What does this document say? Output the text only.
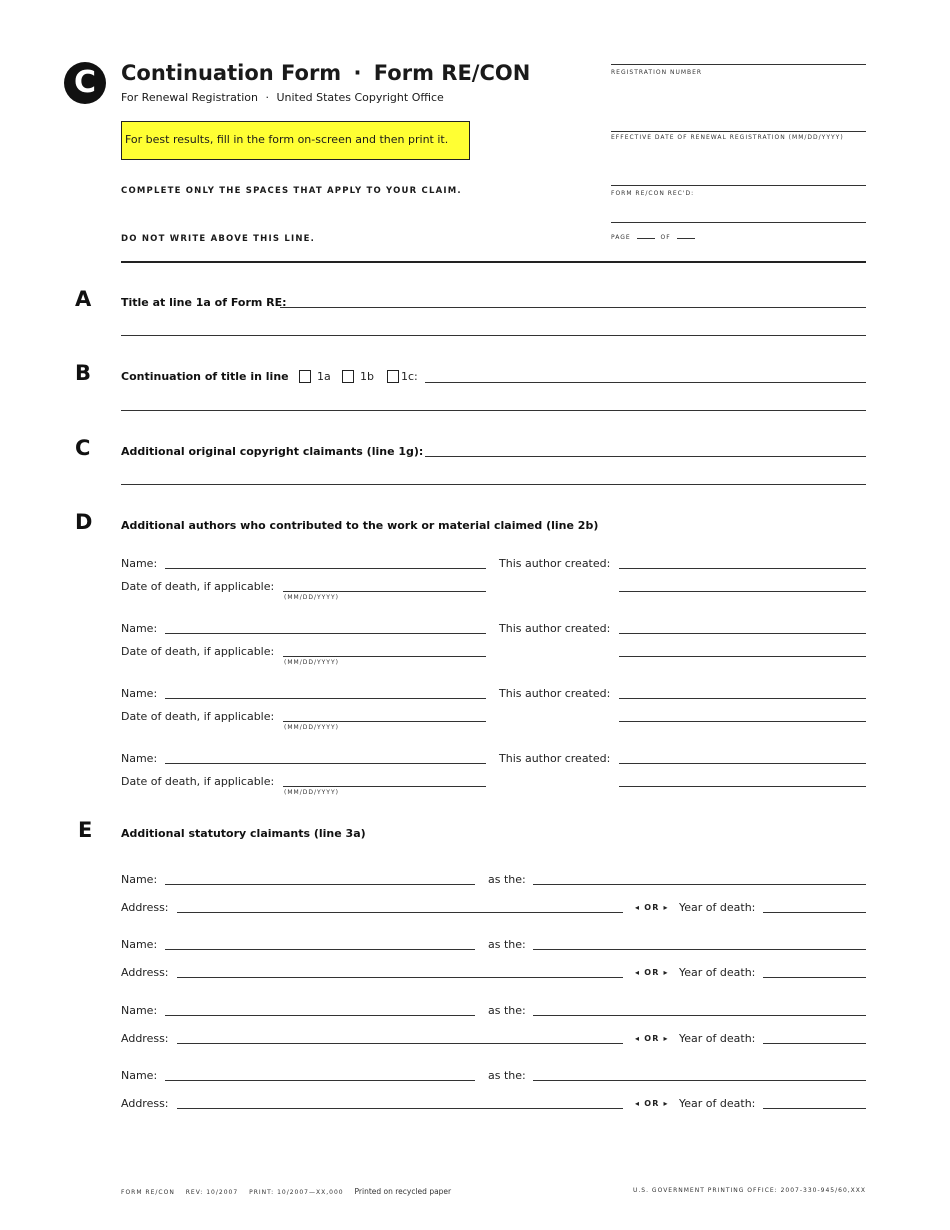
C Continuation Form · Form RE/CON
For Renewal Registration · United States Copyright Office
For best results, fill in the form on-screen and then print it.
COMPLETE ONLY THE SPACES THAT APPLY TO YOUR CLAIM.
DO NOT WRITE ABOVE THIS LINE.
REGISTRATION NUMBER
EFFECTIVE DATE OF RENEWAL REGISTRATION (MM/DD/YYYY)
FORM RE/CON REC'D:
PAGE	OF
A	Title at line 1a of Form RE:
B	Continuation of title in line	1a	1b 1c:
C	Additional original copyright claimants (line 1g):
D	Additional authors who contributed to the work or material claimed (line 2b)
Name:	This author created:
Date of death, if applicable:
(MM/DD/YYYY)
Name:	This author created:
Date of death, if applicable:
(MM/DD/YYYY)
Name:	This author created:
Date of death, if applicable:
(MM/DD/YYYY)
Name:	This author created:
Date of death, if applicable:
(MM/DD/YYYY)
E	Additional statutory claimants (line 3a)
Name:	as the:
Address:	◂ OR ▸ Year of death:
Name:	as the:
Address:	◂ OR ▸ Year of death:
Name:	as the:
Address:	◂ OR ▸ Year of death:
Name:	as the:
Address:	◂ OR ▸ Year of death:
FORM RE/CON REV: 10/2007 PRINT: 10/2007—XX,000 Printed on recycled paper	U.S. GOVERNMENT PRINTING OFFICE: 2007-330-945/60,XXX
